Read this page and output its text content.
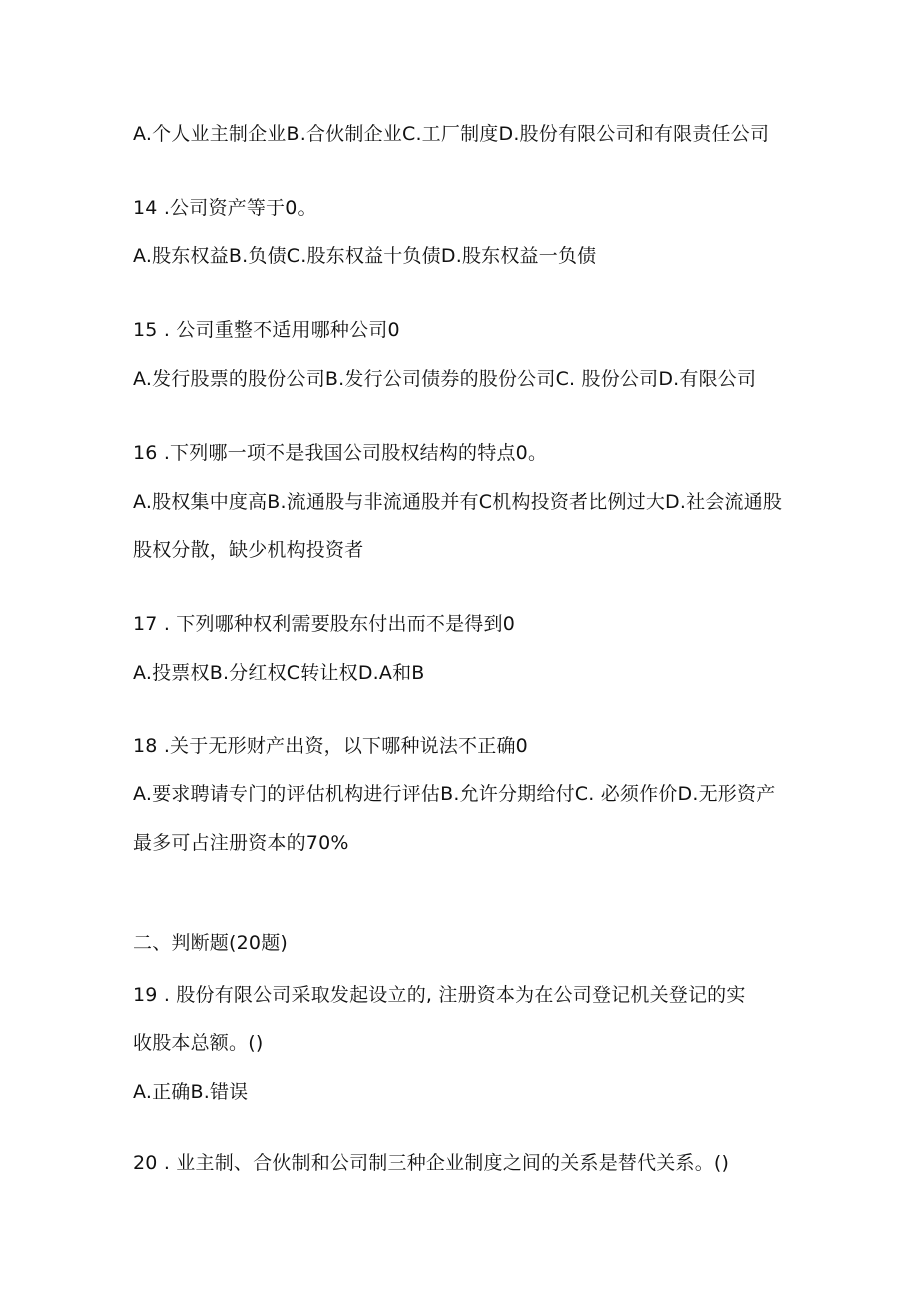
A.个人业主制企业B.合伙制企业C.工厂制度D.股份有限公司和有限责任公司
14 .公司资产等于0。
A.股东权益B.负债C.股东权益十负债D.股东权益一负债
15 . 公司重整不适用哪种公司0
A.发行股票的股份公司B.发行公司债券的股份公司C. 股份公司D.有限公司
16 .下列哪一项不是我国公司股权结构的特点0。
A.股权集中度高B.流通股与非流通股并有C机构投资者比例过大D.社会流通股
股权分散，缺少机构投资者
17 . 下列哪种权利需要股东付出而不是得到0
A.投票权B.分红权C转让权D.A和B
18 .关于无形财产出资，以下哪种说法不正确0
A.要求聘请专门的评估机构进行评估B.允许分期给付C. 必须作价D.无形资产
最多可占注册资本的70%
二、判断题(20题)
19 . 股份有限公司采取发起设立的, 注册资本为在公司登记机关登记的实
收股本总额。()
A.正确B.错误
20 . 业主制、合伙制和公司制三种企业制度之间的关系是替代关系。()
